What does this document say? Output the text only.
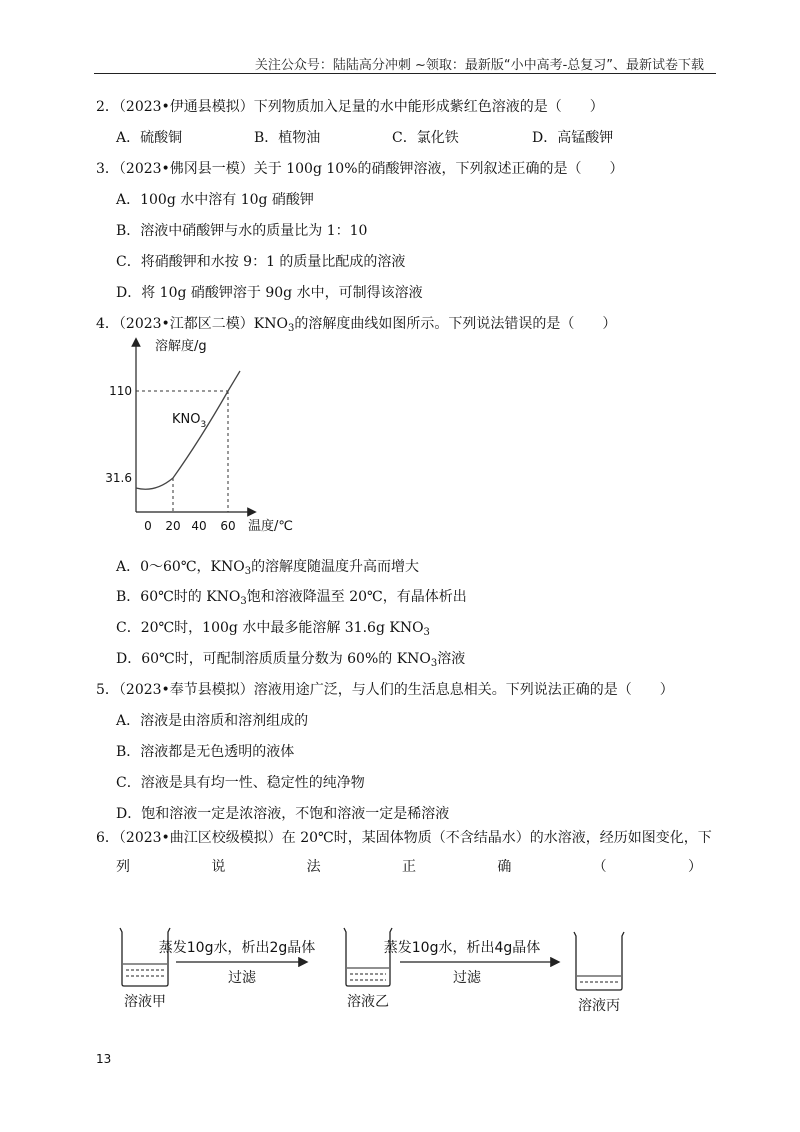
关注公众号：陆陆高分冲刺 ~领取：最新版“小中高考-总复习”、最新试卷下载
2．（2023•伊通县模拟）下列物质加入足量的水中能形成紫红色溶液的是（　　）
A．硫酸铜	B．植物油	C．氯化铁	D．高锰酸钾
3．（2023•佛冈县一模）关于 100g 10%的硝酸钾溶液，下列叙述正确的是（　　）
A．100g 水中溶有 10g 硝酸钾
B．溶液中硝酸钾与水的质量比为 1：10
C．将硝酸钾和水按 9：1 的质量比配成的溶液
D．将 10g 硝酸钾溶于 90g 水中，可制得该溶液
4．（2023•江都区二模）$KNO_3$的溶解度曲线如图所示。下列说法错误的是（　　）
溶解度/g
温度/℃
0 20 40 60
110
31.6
$KNO_3$
A．0～60℃，$KNO_3$的溶解度随温度升高而增大
B．60℃时的 $KNO_3$饱和溶液降温至 20℃，有晶体析出
C．20℃时，100g 水中最多能溶解 31.6g $KNO_3$
D．60℃时，可配制溶质质量分数为 60%的 $KNO_3$溶液
5．（2023•奉节县模拟）溶液用途广泛，与人们的生活息息相关。下列说法正确的是（　　）
A．溶液是由溶质和溶剂组成的
B．溶液都是无色透明的液体
C．溶液是具有均一性、稳定性的纯净物
D．饱和溶液一定是浓溶液，不饱和溶液一定是稀溶液
6．（2023•曲江区校级模拟）在 20℃时，某固体物质（不含结晶水）的水溶液，经历如图变化，下
列	说	法	正	确	（	）
溶液甲
蒸发10g水，析出2g晶体
过滤
溶液乙
蒸发10g水，析出4g晶体
过滤
溶液丙
13
